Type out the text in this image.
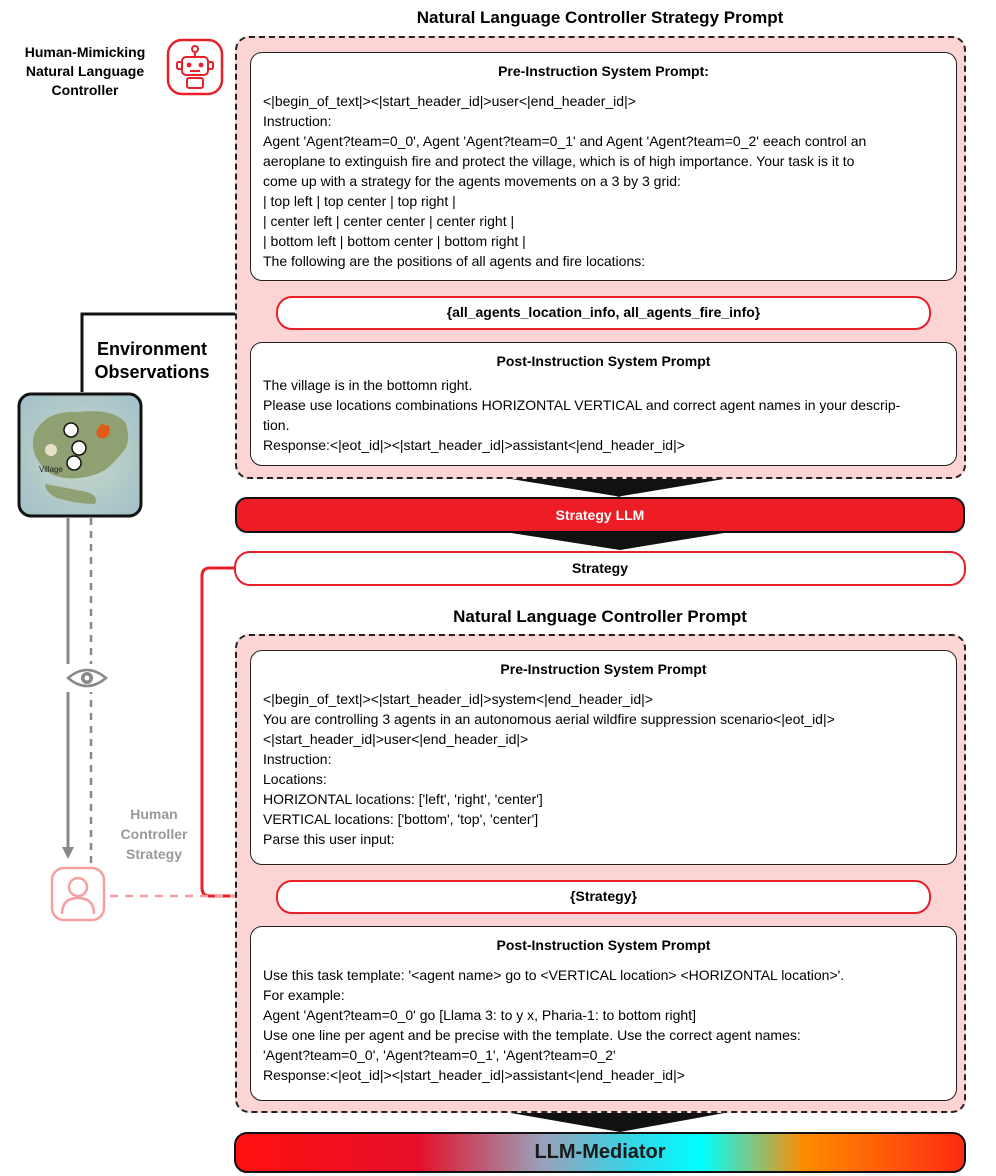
Natural Language Controller Strategy Prompt
Human-Mimicking
Natural Language
Controller
Pre-Instruction System Prompt:
<|begin_of_text|><|start_header_id|>user<|end_header_id|>
Instruction:
Agent 'Agent?team=0_0', Agent 'Agent?team=0_1' and Agent 'Agent?team=0_2' eeach control an
aeroplane to extinguish fire and protect the village, which is of high importance. Your task is it to
come up with a strategy for the agents movements on a 3 by 3 grid:
| top left | top center | top right |
| center left | center center | center right |
| bottom left | bottom center | bottom right |
The following are the positions of all agents and fire locations:
{all_agents_location_info, all_agents_fire_info}
Post-Instruction System Prompt
The village is in the bottomn right.
Please use locations combinations HORIZONTAL VERTICAL and correct agent names in your descrip-
tion.
Response:<|eot_id|><|start_header_id|>assistant<|end_header_id|>
Environment
Observations
Village
Strategy LLM
Strategy
Natural Language Controller Prompt
Pre-Instruction System Prompt
<|begin_of_text|><|start_header_id|>system<|end_header_id|>
You are controlling 3 agents in an autonomous aerial wildfire suppression scenario<|eot_id|>
<|start_header_id|>user<|end_header_id|>
Instruction:
Locations:
HORIZONTAL locations: ['left', 'right', 'center']
VERTICAL locations: ['bottom', 'top', 'center']
Parse this user input:
{Strategy}
Post-Instruction System Prompt
Use this task template: '<agent name> go to <VERTICAL location> <HORIZONTAL location>'.
For example:
Agent 'Agent?team=0_0' go [Llama 3: to y x, Pharia-1: to bottom right]
Use one line per agent and be precise with the template. Use the correct agent names:
'Agent?team=0_0', 'Agent?team=0_1', 'Agent?team=0_2'
Response:<|eot_id|><|start_header_id|>assistant<|end_header_id|>
Human
Controller
Strategy
LLM-Mediator
